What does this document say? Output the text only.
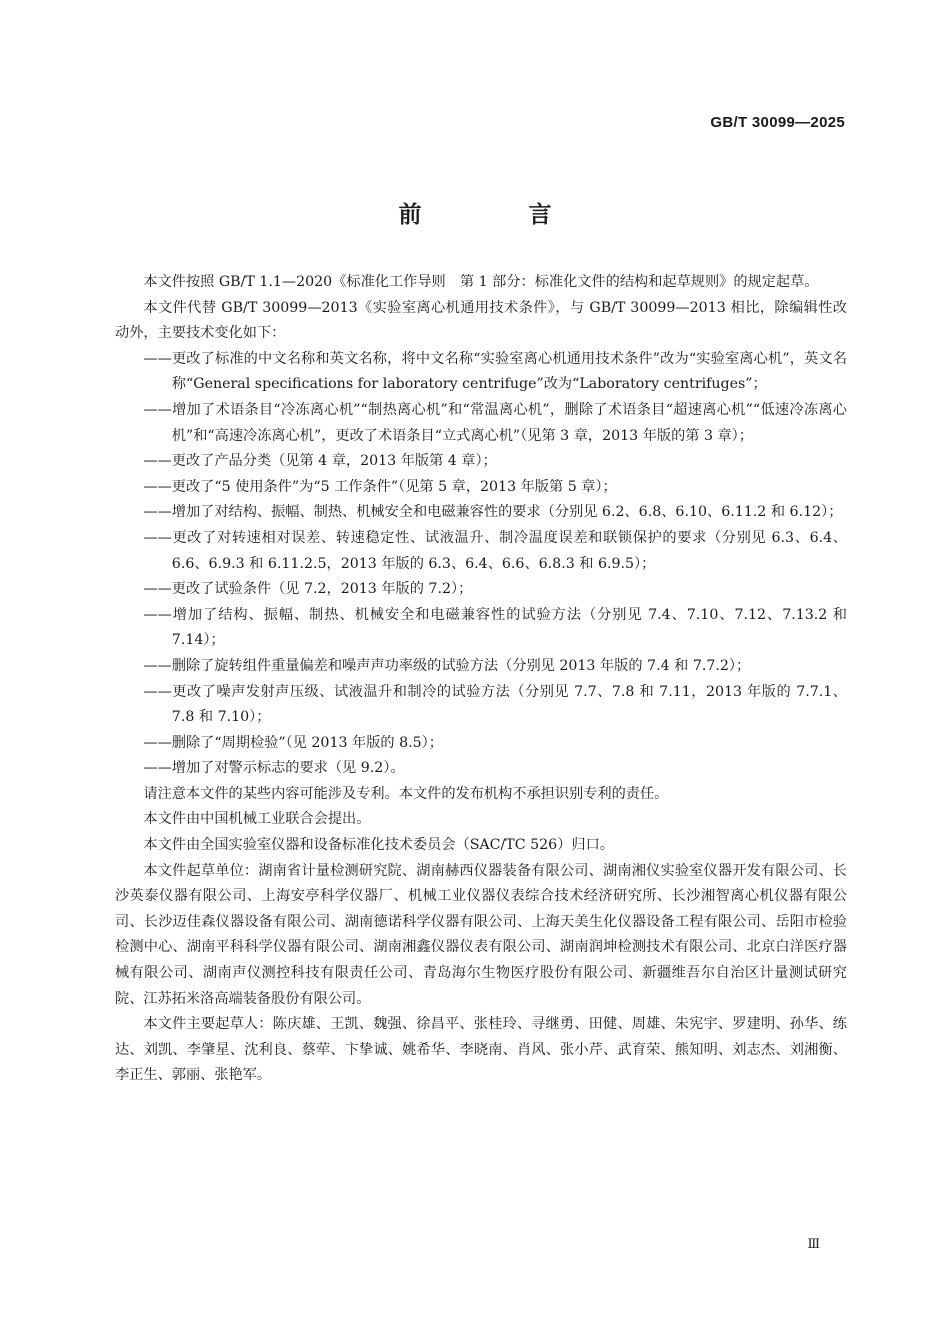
GB/T 30099—2025
前　言

本文件按照 GB/T 1.1—2020《标准化工作导则　第 1 部分：标准化文件的结构和起草规则》的规定起草。

本文件代替 GB/T 30099—2013《实验室离心机通用技术条件》，与 GB/T 30099—2013 相比，除编辑性改动外，主要技术变化如下：

——更改了标准的中文名称和英文名称，将中文名称“实验室离心机通用技术条件”改为“实验室离心机”，英文名称“General specifications for laboratory centrifuge”改为“Laboratory centrifuges”；

——增加了术语条目“冷冻离心机”“制热离心机”和“常温离心机”，删除了术语条目“超速离心机”“低速冷冻离心机”和“高速冷冻离心机”，更改了术语条目“立式离心机”（见第 3 章，2013 年版的第 3 章）；

——更改了产品分类（见第 4 章，2013 年版第 4 章）；

——更改了“5 使用条件”为“5 工作条件”（见第 5 章，2013 年版第 5 章）；

——增加了对结构、振幅、制热、机械安全和电磁兼容性的要求（分别见 6.2、6.8、6.10、6.11.2 和 6.12）；

——更改了对转速相对误差、转速稳定性、试液温升、制冷温度误差和联锁保护的要求（分别见 6.3、6.4、6.6、6.9.3 和 6.11.2.5，2013 年版的 6.3、6.4、6.6、6.8.3 和 6.9.5）；

——更改了试验条件（见 7.2，2013 年版的 7.2）；

——增加了结构、振幅、制热、机械安全和电磁兼容性的试验方法（分别见 7.4、7.10、7.12、7.13.2 和 7.14）；

——删除了旋转组件重量偏差和噪声声功率级的试验方法（分别见 2013 年版的 7.4 和 7.7.2）；

——更改了噪声发射声压级、试液温升和制冷的试验方法（分别见 7.7、7.8 和 7.11，2013 年版的 7.7.1、7.8 和 7.10）；

——删除了“周期检验”（见 2013 年版的 8.5）；

——增加了对警示标志的要求（见 9.2）。

请注意本文件的某些内容可能涉及专利。本文件的发布机构不承担识别专利的责任。

本文件由中国机械工业联合会提出。

本文件由全国实验室仪器和设备标准化技术委员会（SAC/TC 526）归口。

本文件起草单位：湖南省计量检测研究院、湖南赫西仪器装备有限公司、湖南湘仪实验室仪器开发有限公司、长沙英泰仪器有限公司、上海安亭科学仪器厂、机械工业仪器仪表综合技术经济研究所、长沙湘智离心机仪器有限公司、长沙迈佳森仪器设备有限公司、湖南德诺科学仪器有限公司、上海天美生化仪器设备工程有限公司、岳阳市检验检测中心、湖南平科科学仪器有限公司、湖南湘鑫仪器仪表有限公司、湖南润坤检测技术有限公司、北京白洋医疗器械有限公司、湖南声仪测控科技有限责任公司、青岛海尔生物医疗股份有限公司、新疆维吾尔自治区计量测试研究院、江苏拓米洛高端装备股份有限公司。

本文件主要起草人：陈庆雄、王凯、魏强、徐昌平、张桂玲、寻继勇、田健、周雄、朱宪宇、罗建明、孙华、练达、刘凯、李肇星、沈利良、蔡荦、卞挚诚、姚希华、李晓南、肖风、张小芹、武育荣、熊知明、刘志杰、刘湘衡、李正生、郭丽、张艳军。

Ⅲ
